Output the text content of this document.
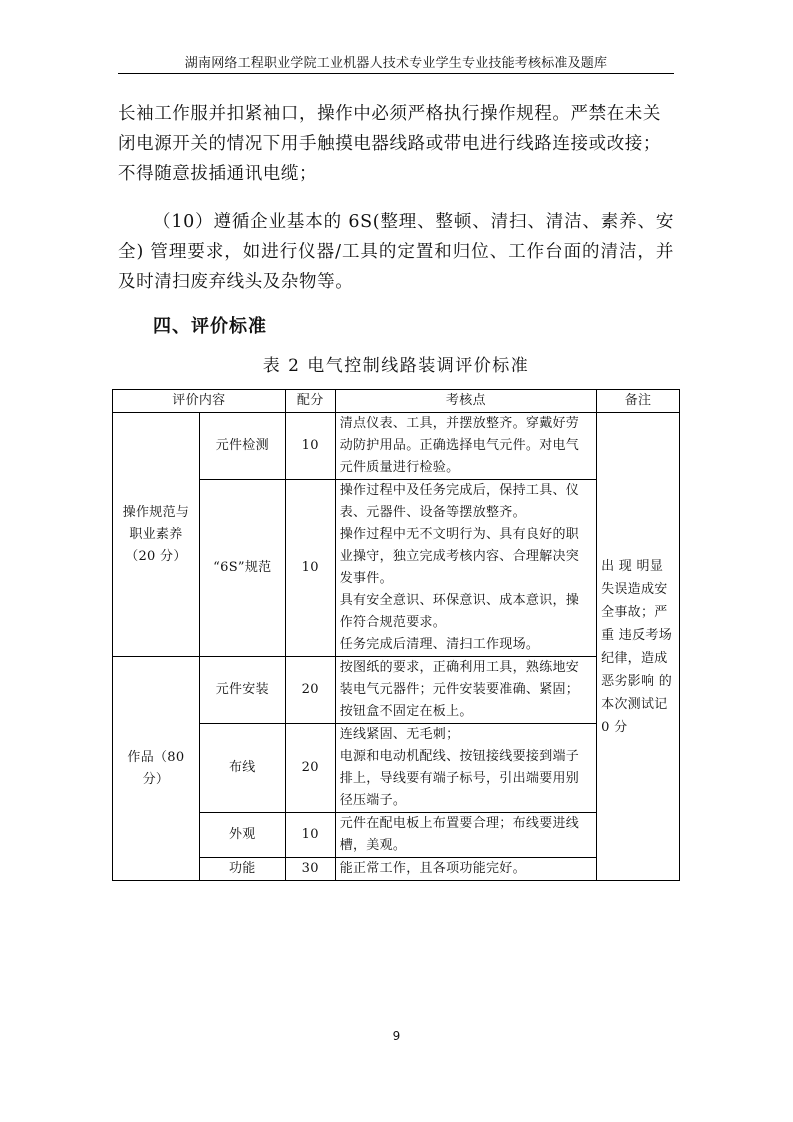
湖南网络工程职业学院工业机器人技术专业学生专业技能考核标准及题库
长袖工作服并扣紧袖口，操作中必须严格执行操作规程。严禁在未关闭电源开关的情况下用手触摸电器线路或带电进行线路连接或改接；不得随意拔插通讯电缆；
（10）遵循企业基本的 6S(整理、整顿、清扫、清洁、素养、安全) 管理要求，如进行仪器/工具的定置和归位、工作台面的清洁，并及时清扫废弃线头及杂物等。
四、评价标准
表 2 电气控制线路装调评价标准
评价内容		配分	考核点	备注
操作规范与职业素养（20 分）	元件检测	10	清点仪表、工具，并摆放整齐。穿戴好劳动防护用品。正确选择电气元件。对电气元件质量进行检验。	出 现 明显 失误造成安全事故；严 重 违反考场纪律，造成恶劣影响 的本次测试记 0 分
	“6S”规范	10	操作过程中及任务完成后，保持工具、仪表、元器件、设备等摆放整齐。
操作过程中无不文明行为、具有良好的职业操守，独立完成考核内容、合理解决突发事件。
具有安全意识、环保意识、成本意识，操作符合规范要求。
任务完成后清理、清扫工作现场。	

作品（80 分）	元件安装	20	按图纸的要求，正确利用工具，熟练地安装电气元器件；元件安装要准确、紧固；按钮盒不固定在板上。	

	布线	20	连线紧固、无毛刺；
电源和电动机配线、按钮接线要接到端子排上，导线要有端子标号，引出端要用别径压端子。	

	外观	10	元件在配电板上布置要合理；布线要进线槽，美观。	

	功能	30	能正常工作，且各项功能完好。	
9
